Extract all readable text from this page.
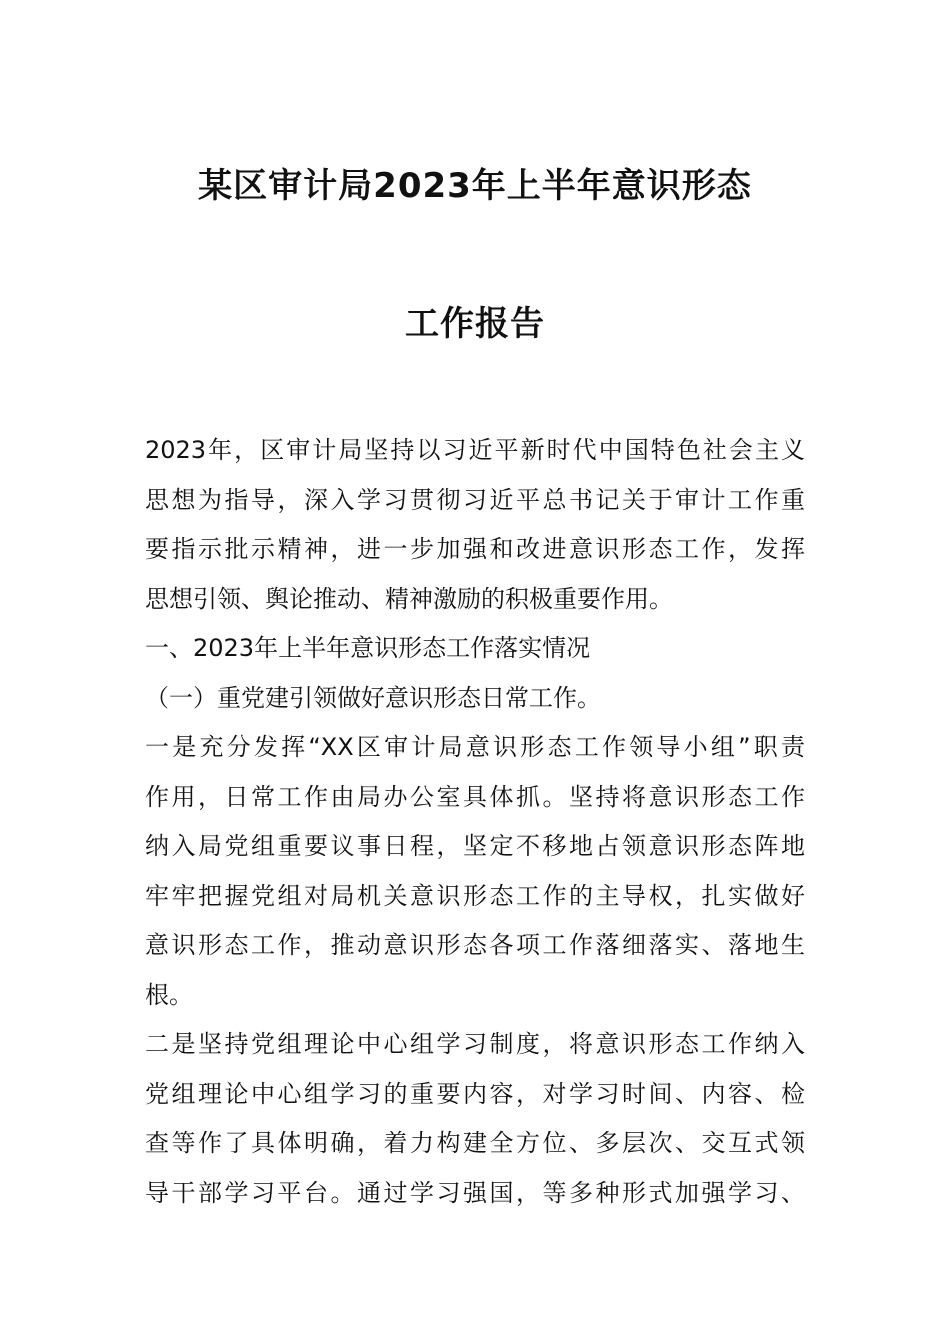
某区审计局2023年上半年意识形态
工作报告
2023年，区审计局坚持以习近平新时代中国特色社会主义
思想为指导，深入学习贯彻习近平总书记关于审计工作重
要指示批示精神，进一步加强和改进意识形态工作，发挥
思想引领、舆论推动、精神激励的积极重要作用。
一、2023年上半年意识形态工作落实情况
（一）重党建引领做好意识形态日常工作。
一是充分发挥“XX区审计局意识形态工作领导小组”职责
作用，日常工作由局办公室具体抓。坚持将意识形态工作
纳入局党组重要议事日程，坚定不移地占领意识形态阵地
牢牢把握党组对局机关意识形态工作的主导权，扎实做好
意识形态工作，推动意识形态各项工作落细落实、落地生
根。
二是坚持党组理论中心组学习制度，将意识形态工作纳入
党组理论中心组学习的重要内容，对学习时间、内容、检
查等作了具体明确，着力构建全方位、多层次、交互式领
导干部学习平台。通过学习强国，等多种形式加强学习、
